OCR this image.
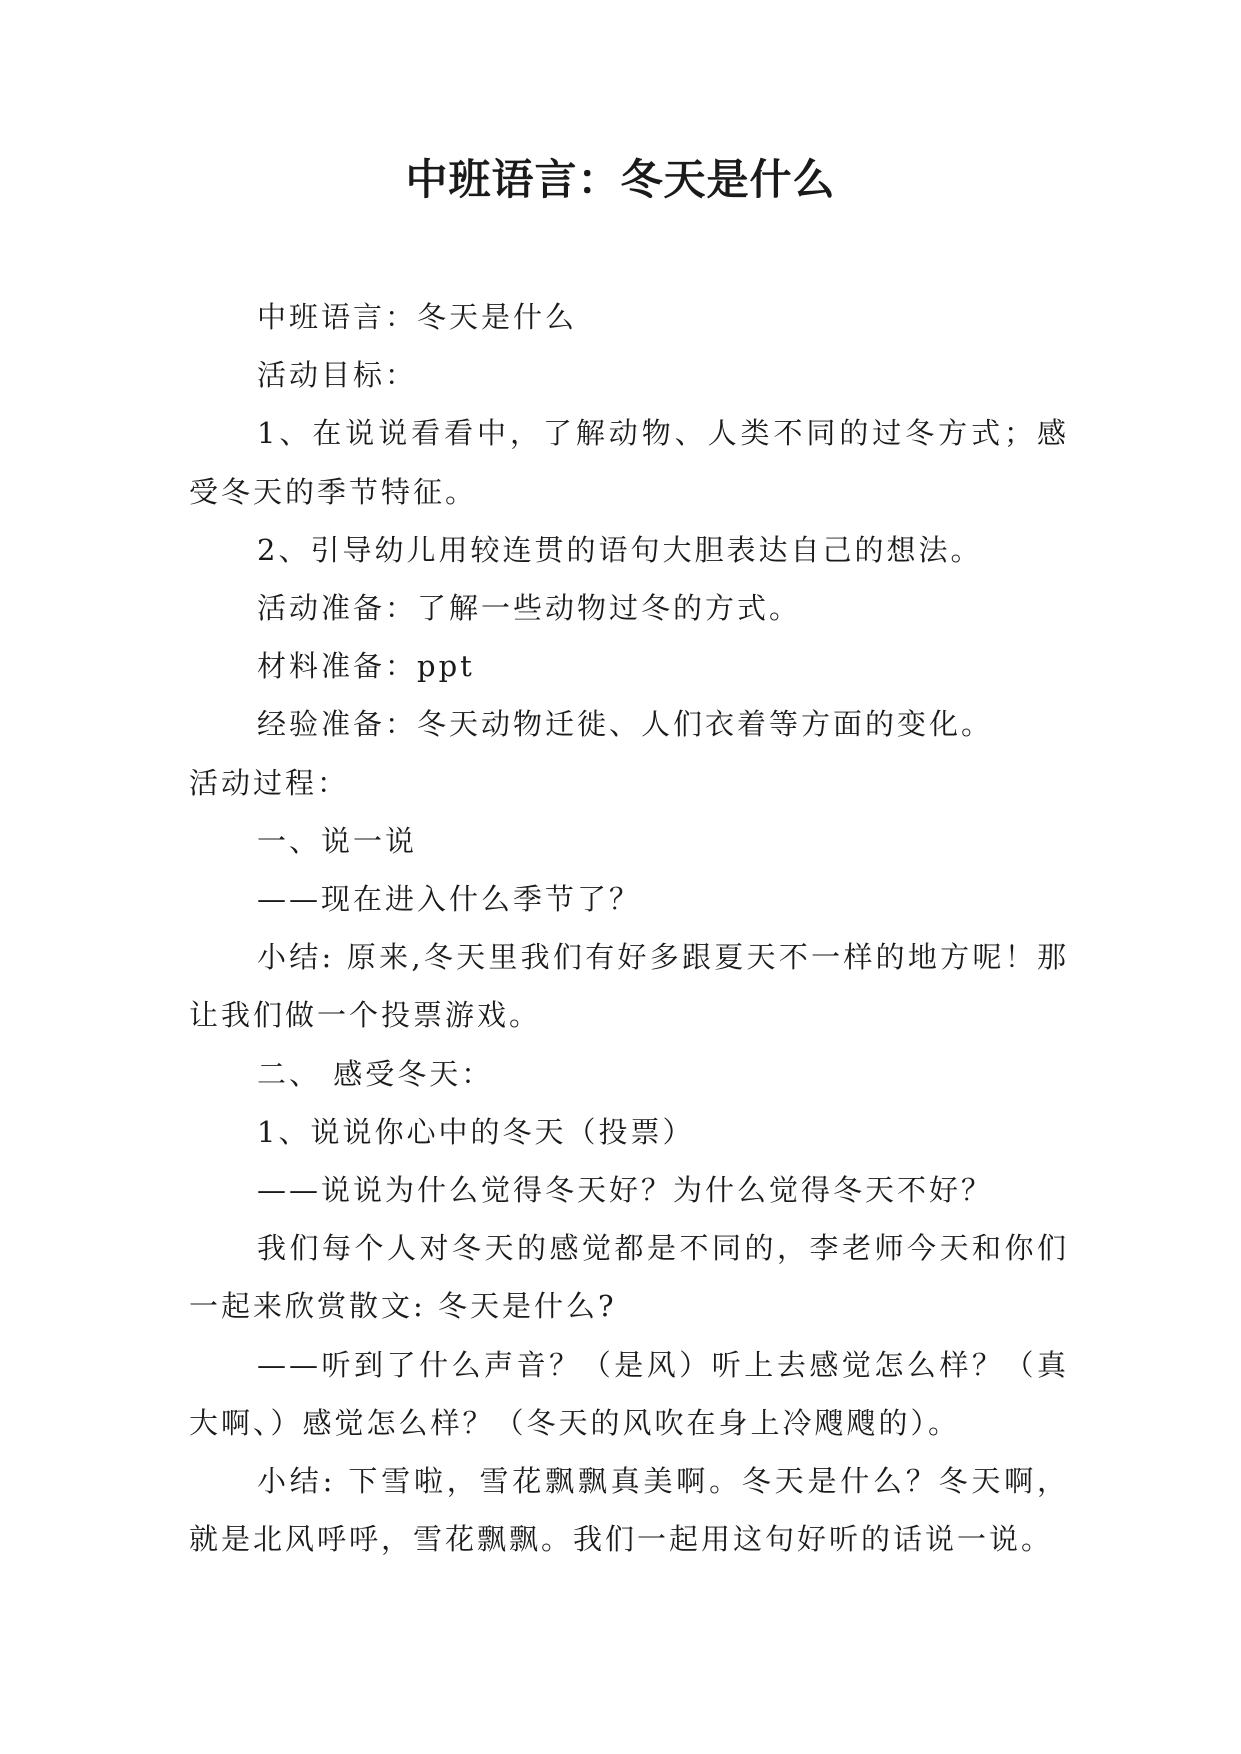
中班语言：冬天是什么

中班语言：冬天是什么

活动目标：

1、在说说看看中，了解动物、人类不同的过冬方式；感受冬天的季节特征。

2、引导幼儿用较连贯的语句大胆表达自己的想法。

活动准备：了解一些动物过冬的方式。

材料准备：ppt

经验准备：冬天动物迁徙、人们衣着等方面的变化。

活动过程：

一、说一说

——现在进入什么季节了？

小结: 原来,冬天里我们有好多跟夏天不一样的地方呢！那让我们做一个投票游戏。

二、 感受冬天：

1、说说你心中的冬天（投票）

——说说为什么觉得冬天好？为什么觉得冬天不好？

我们每个人对冬天的感觉都是不同的，李老师今天和你们一起来欣赏散文: 冬天是什么?

——听到了什么声音？（是风）听上去感觉怎么样？（真大啊、）感觉怎么样？（冬天的风吹在身上冷飕飕的）。

小结: 下雪啦，雪花飘飘真美啊。冬天是什么？冬天啊，就是北风呼呼，雪花飘飘。我们一起用这句好听的话说一说。
